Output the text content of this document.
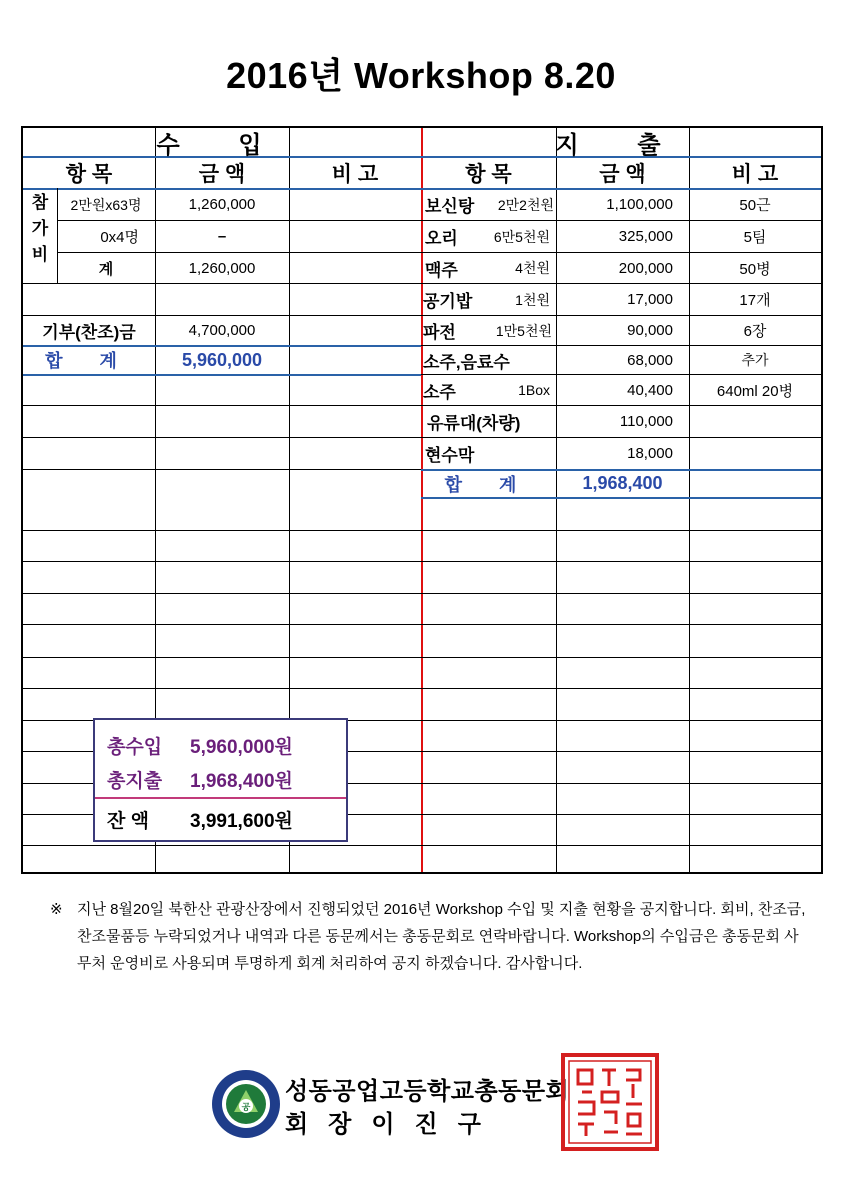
2016년 Workshop 8.20
수 입	지 출
항 목	금 액	비 고	항 목	금 액	비 고
참 가 비
2만원x63명	1,260,000
0x4명	–
계	1,260,000
기부(찬조)금	4,700,000
합 계	5,960,000
보신탕	2만2천원	1,100,000	50근
오리	6만5천원	325,000	5팀
맥주	4천원	200,000	50병
공기밥	1천원	17,000	17개
파전	1만5천원	90,000	6장
소주,음료수	68,000	추가
소주	1Box	40,400	640ml 20병
유류대(차량)	110,000
현수막	18,000
합 계	1,968,400
총수입 5,960,000원
총지출 1,968,400원
잔 액 3,991,600원
※ 지난 8월20일 북한산 관광산장에서 진행되었던 2016년 Workshop 수입 및 지출 현황을 공지합니다. 회비, 찬조금, 찬조물품등 누락되었거나 내역과 다른 동문께서는 총동문회로 연락바랍니다. Workshop의 수입금은 총동문회 사무처 운영비로 사용되며 투명하게 회계 처리하여 공지 하겠습니다. 감사합니다.
공
성동공업고등학교총동문회
회장이진구
